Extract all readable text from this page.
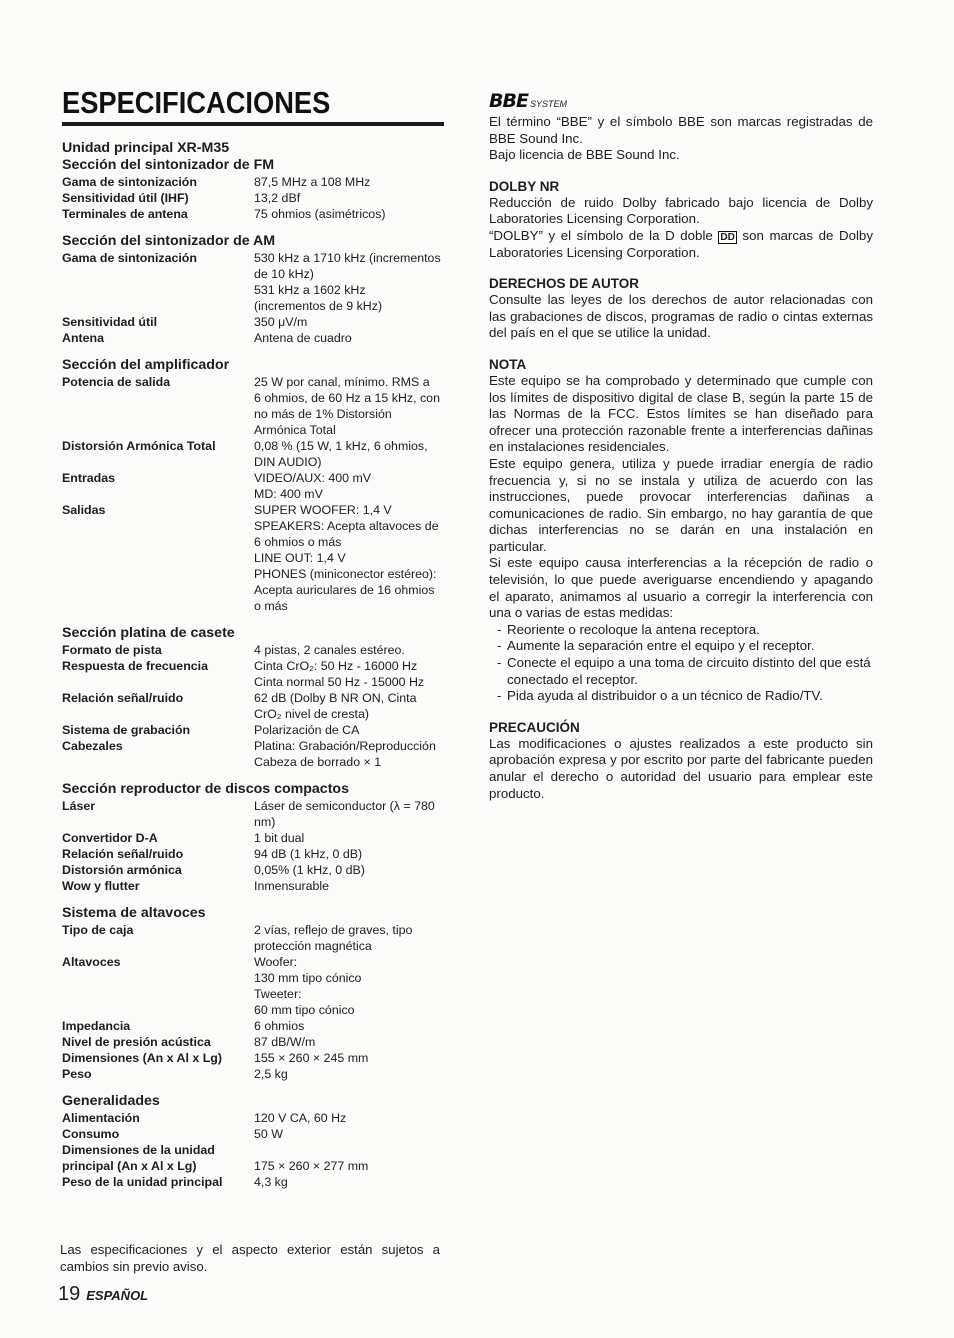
ESPECIFICACIONES
Unidad principal XR-M35
Sección del sintonizador de FM
Gama de sintonización	87,5 MHz a 108 MHz
Sensitividad útil (IHF)	13,2 dBf
Terminales de antena	75 ohmios (asimétricos)
Sección del sintonizador de AM
Gama de sintonización	530 kHz a 1710 kHz (incrementos
de 10 kHz)
531 kHz a 1602 kHz
(incrementos de 9 kHz)
Sensitividad útil	350 μV/m
Antena	Antena de cuadro
Sección del amplificador
Potencia de salida	25 W por canal, mínimo. RMS a
6 ohmios, de 60 Hz a 15 kHz, con
no más de 1% Distorsión
Armónica Total
Distorsión Armónica Total	0,08 % (15 W, 1 kHz, 6 ohmios,
DIN AUDIO)
Entradas	VIDEO/AUX: 400 mV
MD: 400 mV
Salidas	SUPER WOOFER: 1,4 V
SPEAKERS: Acepta altavoces de
6 ohmios o más
LINE OUT: 1,4 V
PHONES (miniconector estéreo):
Acepta auriculares de 16 ohmios
o más
Sección platina de casete
Formato de pista	4 pistas, 2 canales estéreo.
Respuesta de frecuencia	Cinta CrO₂: 50 Hz - 16000 Hz
Cinta normal 50 Hz - 15000 Hz
Relación señal/ruido	62 dB (Dolby B NR ON, Cinta
CrO₂ nivel de cresta)
Sistema de grabación	Polarización de CA
Cabezales	Platina: Grabación/Reproducción
Cabeza de borrado × 1
Sección reproductor de discos compactos
Láser	Láser de semiconductor (λ = 780
nm)
Convertidor D-A	1 bit dual
Relación señal/ruido	94 dB (1 kHz, 0 dB)
Distorsión armónica	0,05% (1 kHz, 0 dB)
Wow y flutter	Inmensurable
Sistema de altavoces
Tipo de caja	2 vías, reflejo de graves, tipo
protección magnética
Altavoces	Woofer:
130 mm tipo cónico
Tweeter:
60 mm tipo cónico
Impedancia	6 ohmios
Nivel de presión acústica	87 dB/W/m
Dimensiones (An x Al x Lg)	155 × 260 × 245 mm
Peso	2,5 kg
Generalidades
Alimentación	120 V CA, 60 Hz
Consumo	50 W
Dimensiones de la unidad

principal (An x Al x Lg)	175 × 260 × 277 mm
Peso de la unidad principal	4,3 kg
Las especificaciones y el aspecto exterior están sujetos a
cambios sin previo aviso.
19 ESPAÑOL
BBE SYSTEM
El término “BBE” y el símbolo BBE son marcas registradas de
BBE Sound Inc.
Bajo licencia de BBE Sound Inc.
DOLBY NR
Reducción de ruido Dolby fabricado bajo licencia de Dolby
Laboratories Licensing Corporation.
“DOLBY” y el símbolo de la D doble DD son marcas de Dolby
Laboratories Licensing Corporation.
DERECHOS DE AUTOR
Consulte las leyes de los derechos de autor relacionadas con
las grabaciones de discos, programas de radio o cintas externas
del país en el que se utilice la unidad.
NOTA
Este equipo se ha comprobado y determinado que cumple con
los límites de dispositivo digital de clase B, según la parte 15 de
las Normas de la FCC. Estos límites se han diseñado para
ofrecer una protección razonable frente a interferencias dañinas
en instalaciones residenciales.
Este equipo genera, utiliza y puede irradiar energía de radio
frecuencia y, si no se instala y utiliza de acuerdo con las
instrucciones, puede provocar interferencias dañinas a
comunicaciones de radio. Sin embargo, no hay garantía de que
dichas interferencias no se darán en una instalación en particular.
Si este equipo causa interferencias a la récepción de radio o
televisión, lo que puede averiguarse encendiendo y apagando
el aparato, animamos al usuario a corregir la interferencia con
una o varias de estas medidas:
- Reoriente o recoloque la antena receptora.
- Aumente la separación entre el equipo y el receptor.
- Conecte el equipo a una toma de circuito distinto del que está conectado el receptor.
- Pida ayuda al distribuidor o a un técnico de Radio/TV.
PRECAUCIÓN
Las modificaciones o ajustes realizados a este producto sin
aprobación expresa y por escrito por parte del fabricante pueden
anular el derecho o autoridad del usuario para emplear este
producto.
